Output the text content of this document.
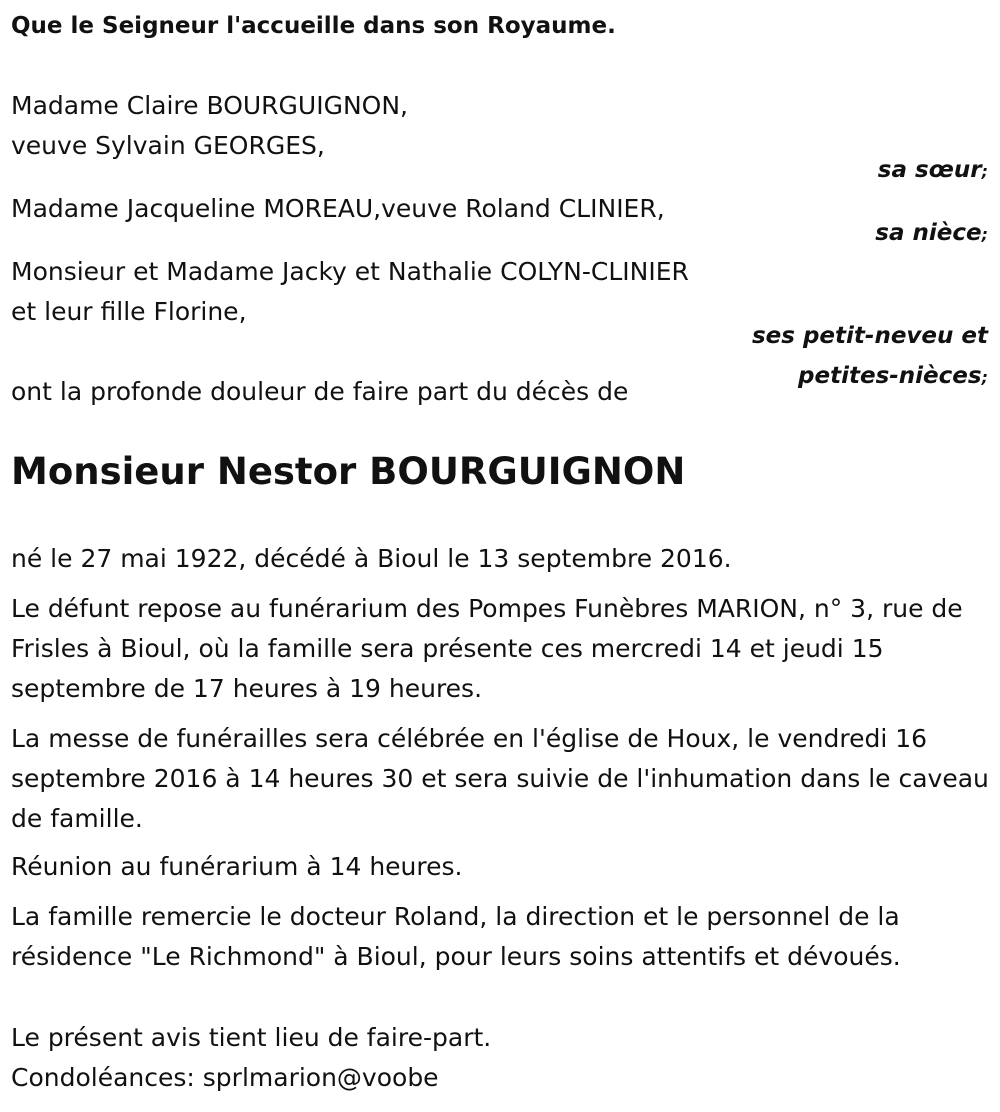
Que le Seigneur l'accueille dans son Royaume.
Madame Claire BOURGUIGNON,
veuve Sylvain GEORGES,
sa sœur;
Madame Jacqueline MOREAU,veuve Roland CLINIER,
sa nièce;
Monsieur et Madame Jacky et Nathalie COLYN-CLINIER
et leur fille Florine,
ses petit-neveu et
petites-nièces;
ont la profonde douleur de faire part du décès de
Monsieur Nestor BOURGUIGNON
né le 27 mai 1922, décédé à Bioul le 13 septembre 2016.
Le défunt repose au funérarium des Pompes Funèbres MARION, n° 3, rue de Frisles à Bioul, où la famille sera présente ces mercredi 14 et jeudi 15 septembre de 17 heures à 19 heures.
La messe de funérailles sera célébrée en l'église de Houx, le vendredi 16 septembre 2016 à 14 heures 30 et sera suivie de l'inhumation dans le caveau de famille.
Réunion au funérarium à 14 heures.
La famille remercie le docteur Roland, la direction et le personnel de la résidence "Le Richmond" à Bioul, pour leurs soins attentifs et dévoués.
Le présent avis tient lieu de faire-part.
Condoléances: sprlmarion@voobe
